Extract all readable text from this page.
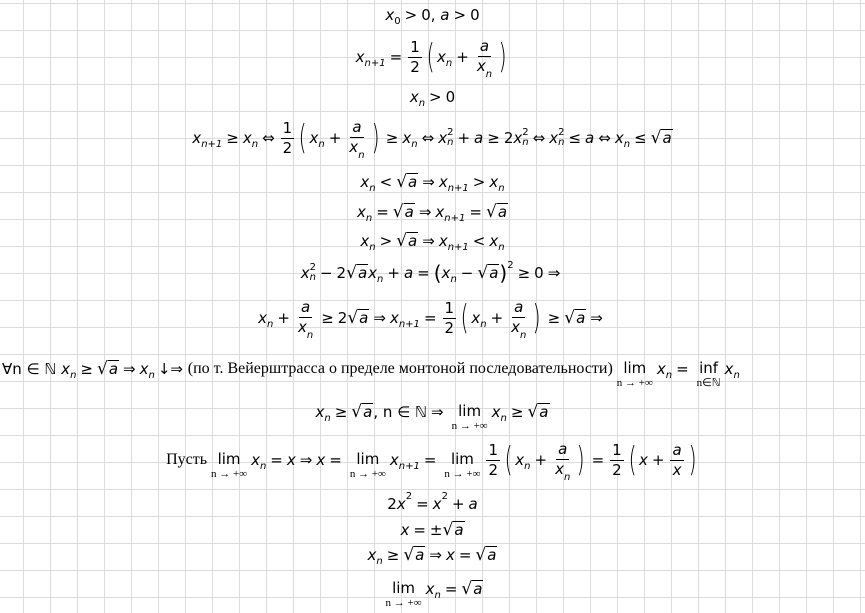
x 0 > 0 , a > 0
x $n+1 = \frac{1}{2}$ ( x $n + \frac{a}{x_n}$ )
x n > 0
x n+1 ≥ x n ⇔ $\frac{1}{2}$ ( x $n + \frac{a}{x_n}$ ) ≥ x n ⇔ x 2
n + a ≥ 2 x 2
n ⇔ x 2
n ≤ a ⇔ x n ≤ √ a
x n < √ a ⇒ x n+1 > x n
x n = √ a ⇒ x n+1 = √ a
x n > √ a ⇒ x n+1 < x n
x 2
n − 2 √ a x n + a = ( x n − √ a ) 2 ≥ 0 ⇒
x $n + \frac{a}{x_n} \ge 2$ √ a ⇒ x $n+1 = \frac{1}{2}$ ( x $n + \frac{a}{x_n}$ ) ≥ √ a ⇒
∀n ∈ ℕ
x n ≥ √ a ⇒ x n ↓⇒
(по т. Вейерштрасса о пределе монтоной последовательности) lim
n → +∞
x n = inf
n∈ℕ
x n
x n ≥ √ a , n ∈ ℕ ⇒ lim
n → +∞
x n ≥ √ a
Пусть lim
n → +∞
x n = x ⇒ x = lim
n → +∞
x n+1 = lim
n → +∞ $\frac{1}{2}$ ( x $n + \frac{a}{x_n}$ ) = $\frac{1}{2}$ ( $x + \frac{a}{x}$ )
2 x 2 = x 2 + a
x = ± √ a
x n ≥ √ a ⇒ x = √ a
lim
n → +∞
x n = √ a
